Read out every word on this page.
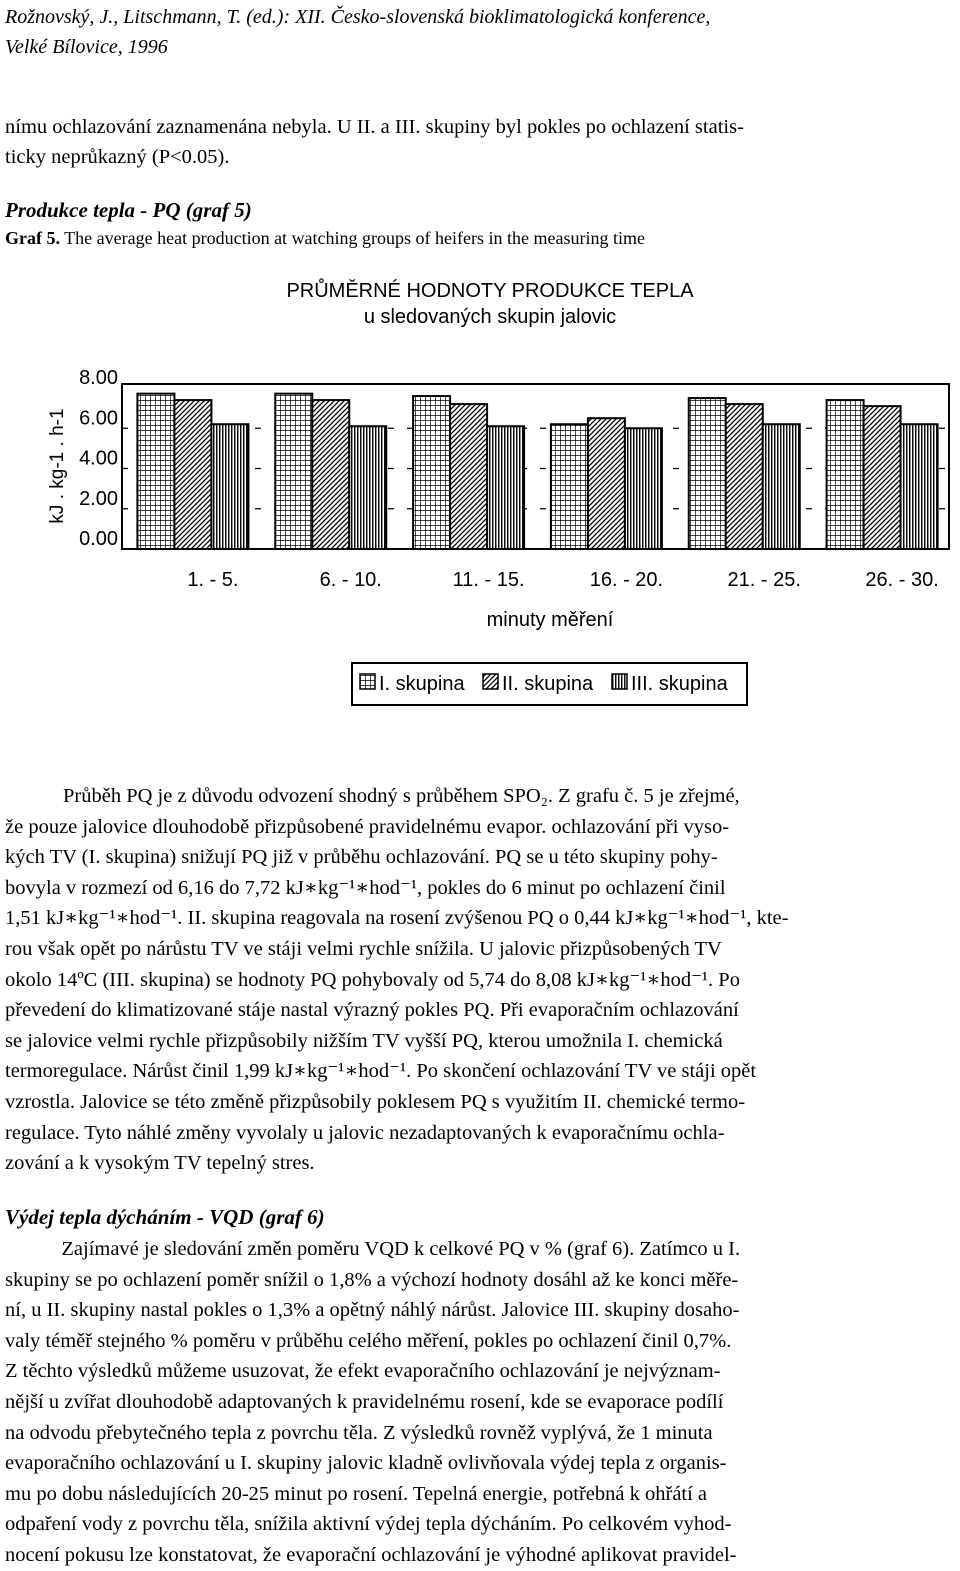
Rožnovský, J., Litschmann, T. (ed.): XII. Česko-slovenská bioklimatologická konference,
Velké Bílovice, 1996
nímu ochlazování zaznamenána nebyla. U II. a III. skupiny byl pokles po ochlazení statis-
ticky neprůkazný (P<0.05).
Produkce tepla - PQ (graf 5)
Graf 5. The average heat production at watching groups of heifers in the measuring time
PRŮMĚRNÉ HODNOTY PRODUKCE TEPLA
u sledovaných skupin jalovic
kJ . kg-1 . h-1
8.00
6.00
4.00
2.00
0.00
1. - 5.	6. - 10.	11. - 15.	16. - 20.	21. - 25.	26. - 30.
minuty měření
I. skupina II. skupina III. skupina
Průběh PQ je z důvodu odvození shodný s průběhem SPO₂. Z grafu č. 5 je zřejmé,
že pouze jalovice dlouhodobě přizpůsobené pravidelnému evapor. ochlazování při vyso-
kých TV (I. skupina) snižují PQ již v průběhu ochlazování. PQ se u této skupiny pohy-
bovyla v rozmezí od 6,16 do 7,72 kJ∗kg⁻¹∗hod⁻¹, pokles do 6 minut po ochlazení činil
1,51 kJ∗kg⁻¹∗hod⁻¹. II. skupina reagovala na rosení zvýšenou PQ o 0,44 kJ∗kg⁻¹∗hod⁻¹, kte-
rou však opět po nárůstu TV ve stáji velmi rychle snížila. U jalovic přizpůsobených TV
okolo 14ºC (III. skupina) se hodnoty PQ pohybovaly od 5,74 do 8,08 kJ∗kg⁻¹∗hod⁻¹. Po
převedení do klimatizované stáje nastal výrazný pokles PQ. Při evaporačním ochlazování
se jalovice velmi rychle přizpůsobily nižším TV vyšší PQ, kterou umožnila I. chemická
termoregulace. Nárůst činil 1,99 kJ∗kg⁻¹∗hod⁻¹. Po skončení ochlazování TV ve stáji opět
vzrostla. Jalovice se této změně přizpůsobily poklesem PQ s využitím II. chemické termo-
regulace. Tyto náhlé změny vyvolaly u jalovic nezadaptovaných k evaporačnímu ochla-
zování a k vysokým TV tepelný stres.
Výdej tepla dýcháním - VQD (graf 6)
Zajímavé je sledování změn poměru VQD k celkové PQ v % (graf 6). Zatímco u I.
skupiny se po ochlazení poměr snížil o 1,8% a výchozí hodnoty dosáhl až ke konci měře-
ní, u II. skupiny nastal pokles o 1,3% a opětný náhlý nárůst. Jalovice III. skupiny dosaho-
valy téměř stejného % poměru v průběhu celého měření, pokles po ochlazení činil 0,7%.
Z těchto výsledků můžeme usuzovat, že efekt evaporačního ochlazování je nejvýznam-
nější u zvířat dlouhodobě adaptovaných k pravidelnému rosení, kde se evaporace podílí
na odvodu přebytečného tepla z povrchu těla. Z výsledků rovněž vyplývá, že 1 minuta
evaporačního ochlazování u I. skupiny jalovic kladně ovlivňovala výdej tepla z organis-
mu po dobu následujících 20-25 minut po rosení. Tepelná energie, potřebná k ohřátí a
odpaření vody z povrchu těla, snížila aktivní výdej tepla dýcháním. Po celkovém vyhod-
nocení pokusu lze konstatovat, že evaporační ochlazování je výhodné aplikovat pravidel-
